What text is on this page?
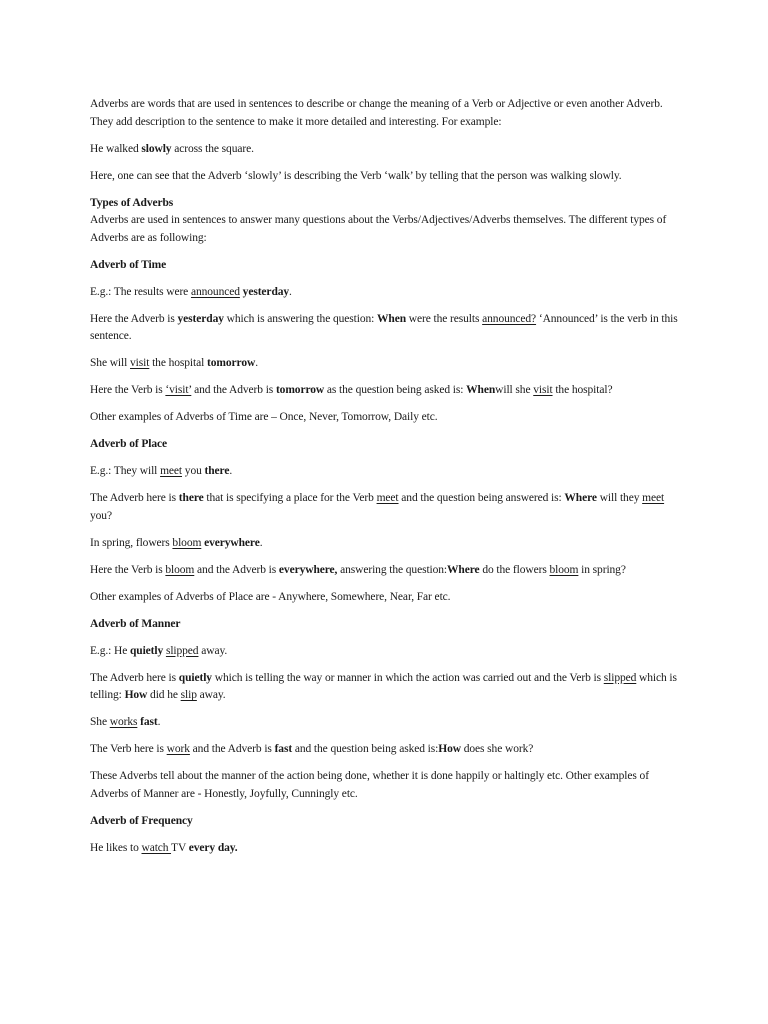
Adverbs are words that are used in sentences to describe or change the meaning of a Verb or Adjective or even another Adverb. They add description to the sentence to make it more detailed and interesting. For example:

He walked slowly across the square.

Here, one can see that the Adverb ‘slowly’ is describing the Verb ‘walk’ by telling that the person was walking slowly.

Types of Adverbs

Adverbs are used in sentences to answer many questions about the Verbs/Adjectives/Adverbs themselves. The different types of Adverbs are as following:

Adverb of Time

E.g.: The results were announced yesterday.

Here the Adverb is yesterday which is answering the question: When were the results announced? ‘Announced’ is the verb in this sentence.

She will visit the hospital tomorrow.

Here the Verb is ‘visit’ and the Adverb is tomorrow as the question being asked is: Whenwill she visit the hospital?

Other examples of Adverbs of Time are – Once, Never, Tomorrow, Daily etc.

Adverb of Place

E.g.: They will meet you there.

The Adverb here is there that is specifying a place for the Verb meet and the question being answered is: Where will they meet you?

In spring, flowers bloom everywhere.

Here the Verb is bloom and the Adverb is everywhere, answering the question:Where do the flowers bloom in spring?

Other examples of Adverbs of Place are - Anywhere, Somewhere, Near, Far etc.

Adverb of Manner

E.g.: He quietly slipped away.

The Adverb here is quietly which is telling the way or manner in which the action was carried out and the Verb is slipped which is telling: How did he slip away.

She works fast.

The Verb here is work and the Adverb is fast and the question being asked is:How does she work?

These Adverbs tell about the manner of the action being done, whether it is done happily or haltingly etc. Other examples of Adverbs of Manner are - Honestly, Joyfully, Cunningly etc.

Adverb of Frequency

He likes to watch TV every day.
